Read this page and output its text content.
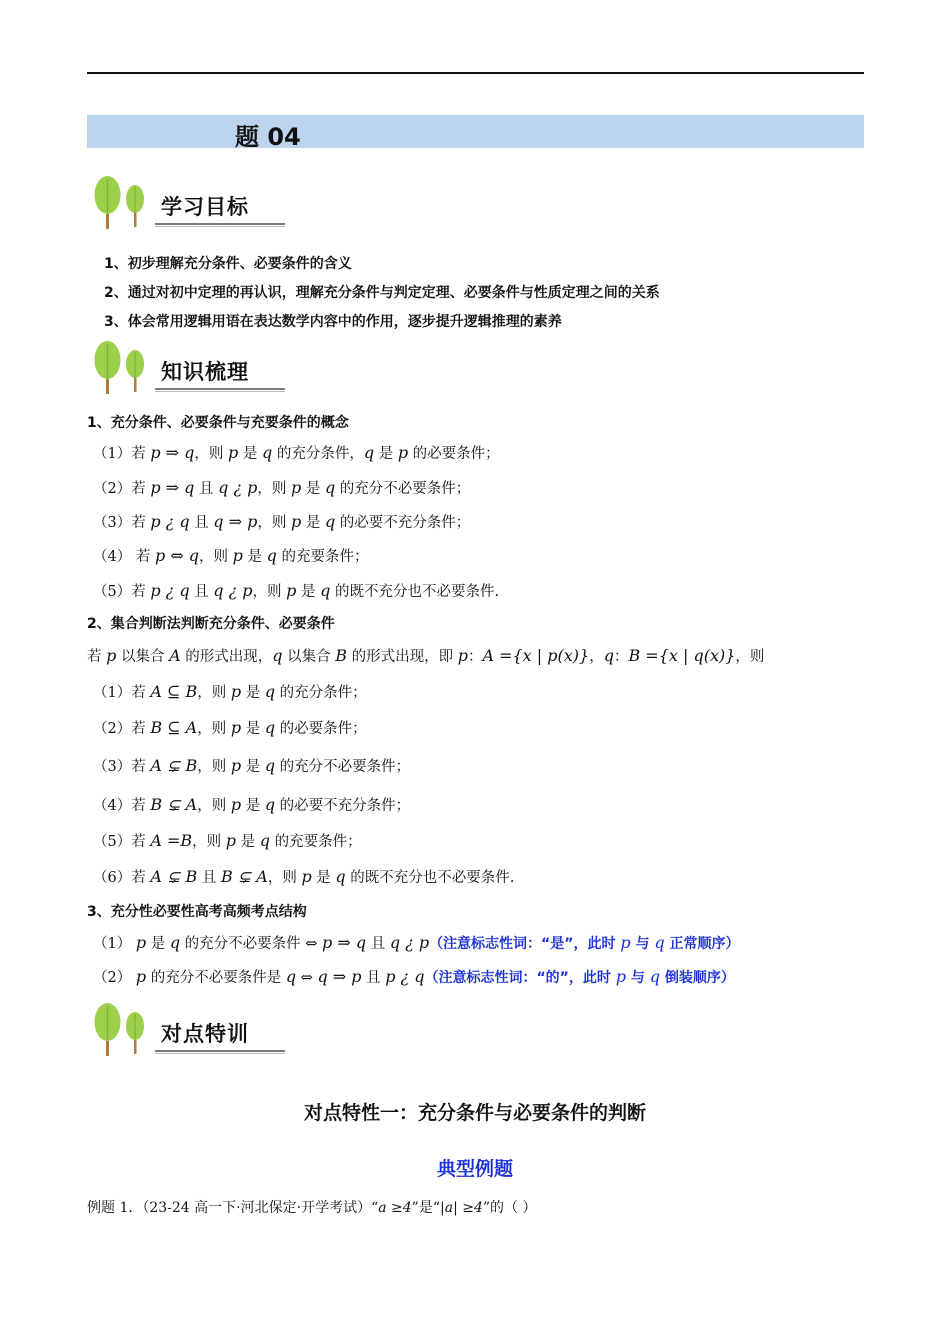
题 04
学习目标
1、初步理解充分条件、必要条件的含义
2、通过对初中定理的再认识，理解充分条件与判定定理、必要条件与性质定理之间的关系
3、体会常用逻辑用语在表达数学内容中的作用，逐步提升逻辑推理的素养
知识梳理
1、充分条件、必要条件与充要条件的概念
（1）若 p ⇒ q，则 p 是 q 的充分条件，q 是 p 的必要条件；
（2）若 p ⇒ q 且 q ¿ p，则 p 是 q 的充分不必要条件；
（3）若 p ¿ q 且 q ⇒ p，则 p 是 q 的必要不充分条件；
（4） 若 p ⇔ q，则 p 是 q 的充要条件；
（5）若 p ¿ q 且 q ¿ p，则 p 是 q 的既不充分也不必要条件.
2、集合判断法判断充分条件、必要条件
若 p 以集合 A 的形式出现，q 以集合 B 的形式出现，即 p：A ={x | p(x)}，q：B ={x | q(x)}，则
（1）若 A ⊆ B，则 p 是 q 的充分条件；
（2）若 B ⊆ A，则 p 是 q 的必要条件；
（3）若 A ⊊ B，则 p 是 q 的充分不必要条件；
（4）若 B ⊊ A，则 p 是 q 的必要不充分条件；
（5）若 A =B，则 p 是 q 的充要条件；
（6）若 A ⊊ B 且 B ⊊ A，则 p 是 q 的既不充分也不必要条件.
3、充分性必要性高考高频考点结构
（1） p 是 q 的充分不必要条件 ⇔ p ⇒ q 且 q ¿ p（注意标志性词：“是”，此时 p 与 q 正常顺序）
（2） p 的充分不必要条件是 q ⇔ q ⇒ p 且 p ¿ q（注意标志性词：“的”，此时 p 与 q 倒装顺序）
对点特训
对点特性一：充分条件与必要条件的判断
典型例题
例题 1．（23-24 高一下·河北保定·开学考试）“a ≥4”是“|a| ≥4”的（ ）
